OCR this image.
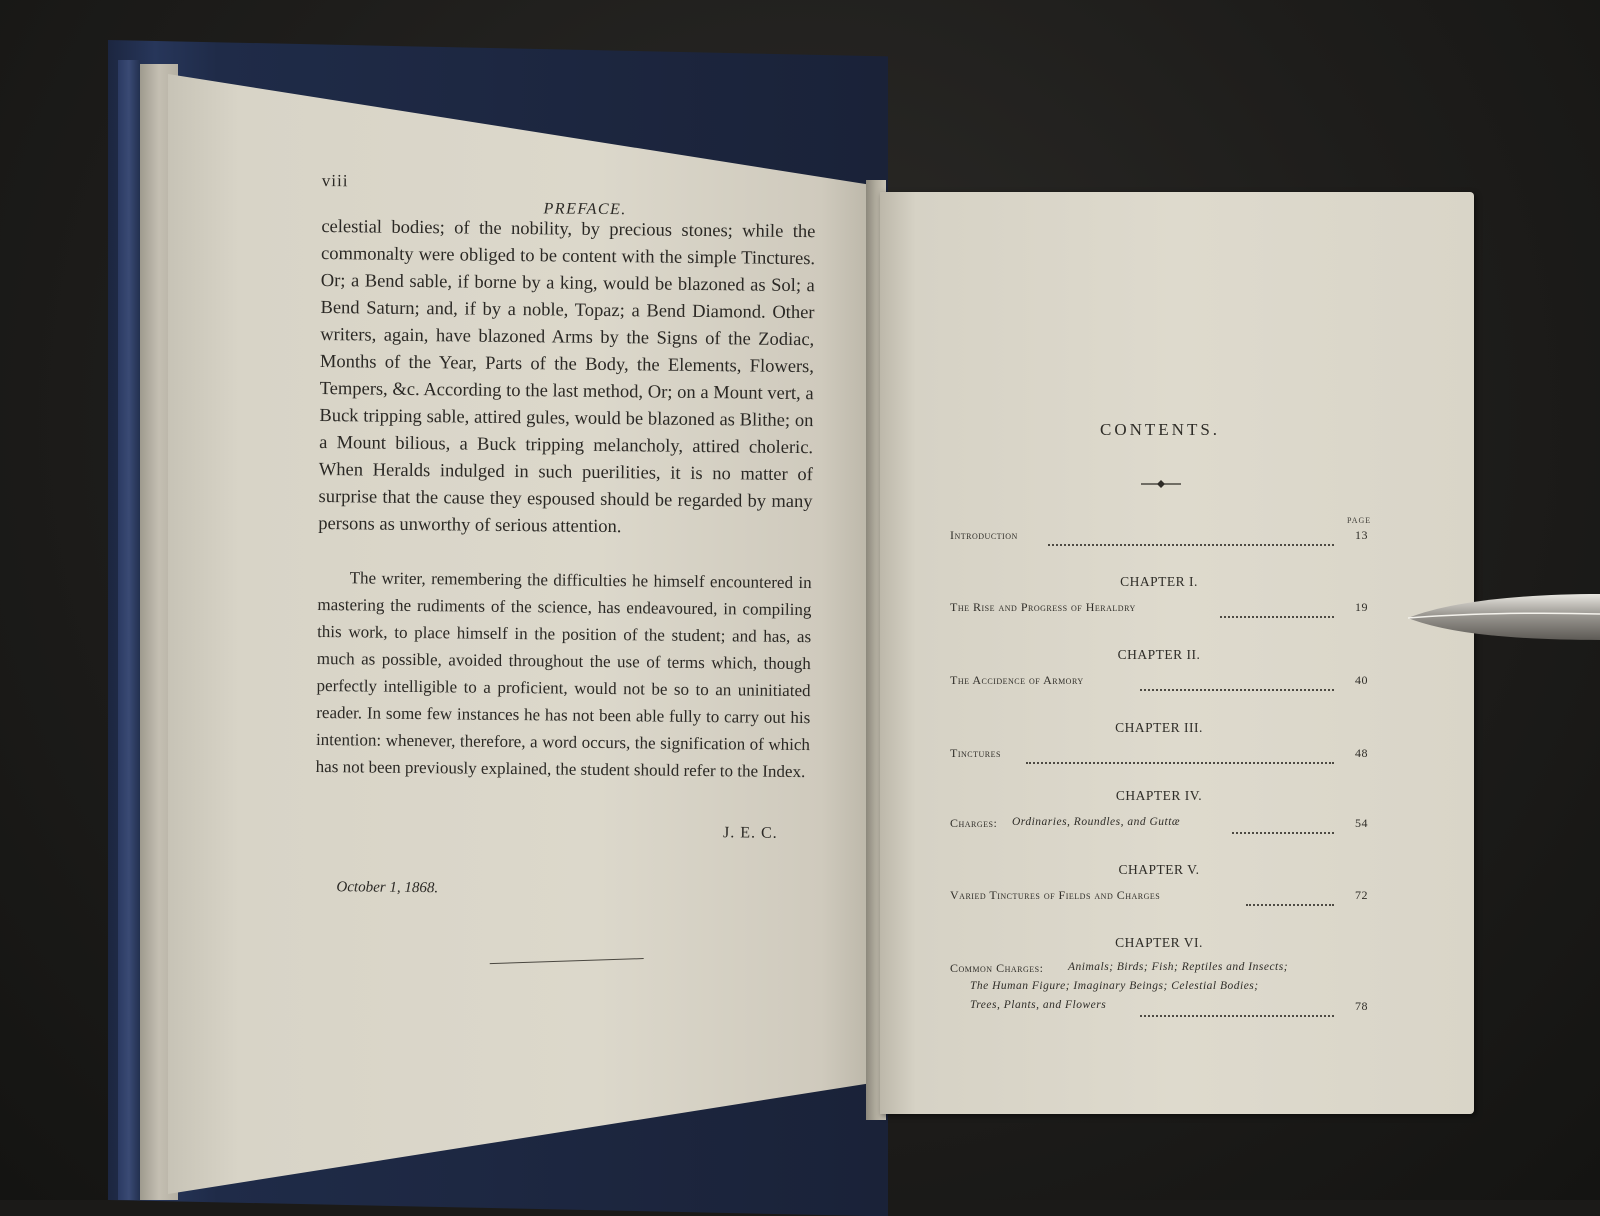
viii
PREFACE.

celestial bodies; of the nobility, by precious stones; while the commonalty were obliged to be content with the simple Tinctures. Or; a Bend sable, if borne by a king, would be blazoned as Sol; a Bend Saturn; and, if by a noble, Topaz; a Bend Diamond. Other writers, again, have blazoned Arms by the Signs of the Zodiac, Months of the Year, Parts of the Body, the Elements, Flowers, Tempers, &c. According to the last method, Or; on a Mount vert, a Buck tripping sable, attired gules, would be blazoned as Blithe; on a Mount bilious, a Buck tripping melancholy, attired choleric. When Heralds indulged in such puerilities, it is no matter of surprise that the cause they espoused should be regarded by many persons as unworthy of serious attention.

The writer, remembering the difficulties he himself encountered in mastering the rudiments of the science, has endeavoured, in compiling this work, to place himself in the position of the student; and has, as much as possible, avoided throughout the use of terms which, though perfectly intelligible to a proficient, would not be so to an uninitiated reader. In some few instances he has not been able fully to carry out his intention: whenever, therefore, a word occurs, the signification of which has not been previously explained, the student should refer to the Index.

J. E. C.
October 1, 1868.
CONTENTS.
PAGE
Introduction	13
CHAPTER I.
The Rise and Progress of Heraldry	19
CHAPTER II.
The Accidence of Armory	40
CHAPTER III.
Tinctures	48
CHAPTER IV.
Charges: Ordinaries, Roundles, and Guttæ	54
CHAPTER V.
Varied Tinctures of Fields and Charges	72
CHAPTER VI.
Common Charges: Animals; Birds; Fish; Reptiles and Insects;
The Human Figure; Imaginary Beings; Celestial Bodies;
Trees, Plants, and Flowers	78
